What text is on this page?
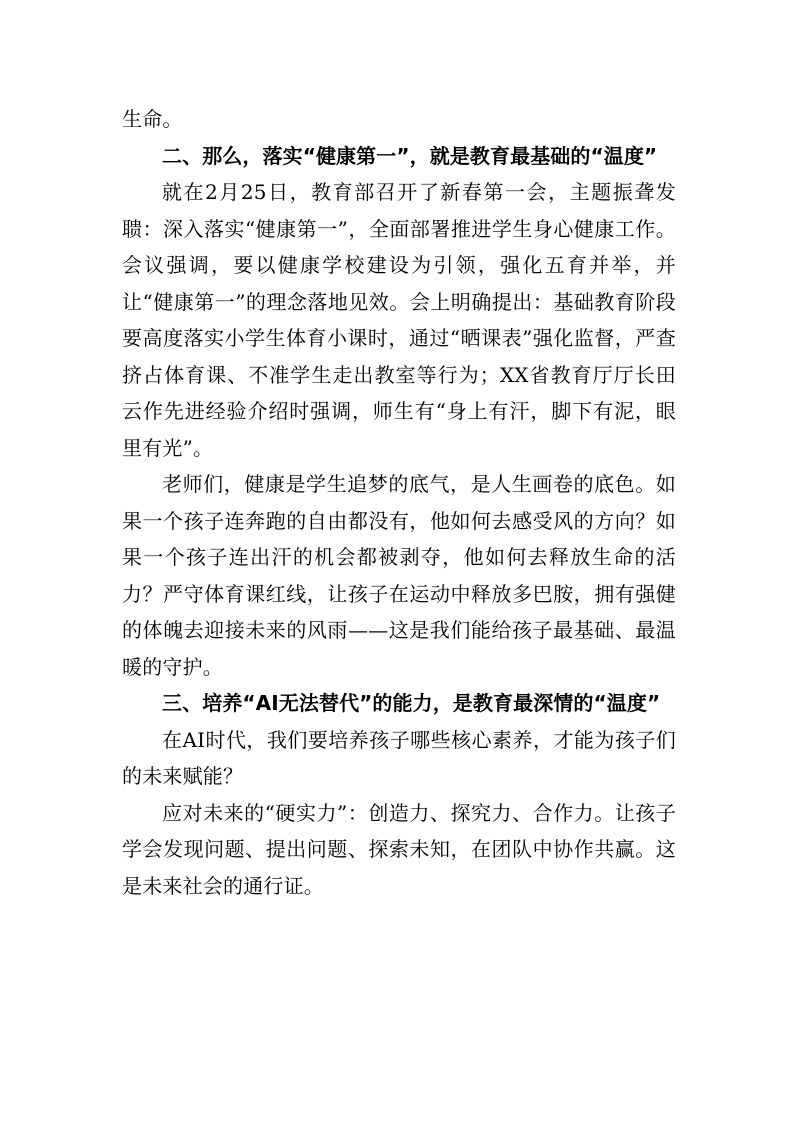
生命。

二、那么，落实“健康第一”，就是教育最基础的“温度”

就在2月25日，教育部召开了新春第一会，主题振聋发聩：深入落实“健康第一”，全面部署推进学生身心健康工作。会议强调，要以健康学校建设为引领，强化五育并举，并让“健康第一”的理念落地见效。会上明确提出：基础教育阶段要高度落实小学生体育小课时，通过“晒课表”强化监督，严查挤占体育课、不准学生走出教室等行为；XX省教育厅厅长田云作先进经验介绍时强调，师生有“身上有汗，脚下有泥，眼里有光”。

老师们，健康是学生追梦的底气，是人生画卷的底色。如果一个孩子连奔跑的自由都没有，他如何去感受风的方向？如果一个孩子连出汗的机会都被剥夺，他如何去释放生命的活力？严守体育课红线，让孩子在运动中释放多巴胺，拥有强健的体魄去迎接未来的风雨——这是我们能给孩子最基础、最温暖的守护。

三、培养“AI无法替代”的能力，是教育最深情的“温度”

在AI时代，我们要培养孩子哪些核心素养，才能为孩子们的未来赋能？

应对未来的“硬实力”：创造力、探究力、合作力。让孩子学会发现问题、提出问题、探索未知，在团队中协作共赢。这是未来社会的通行证。
